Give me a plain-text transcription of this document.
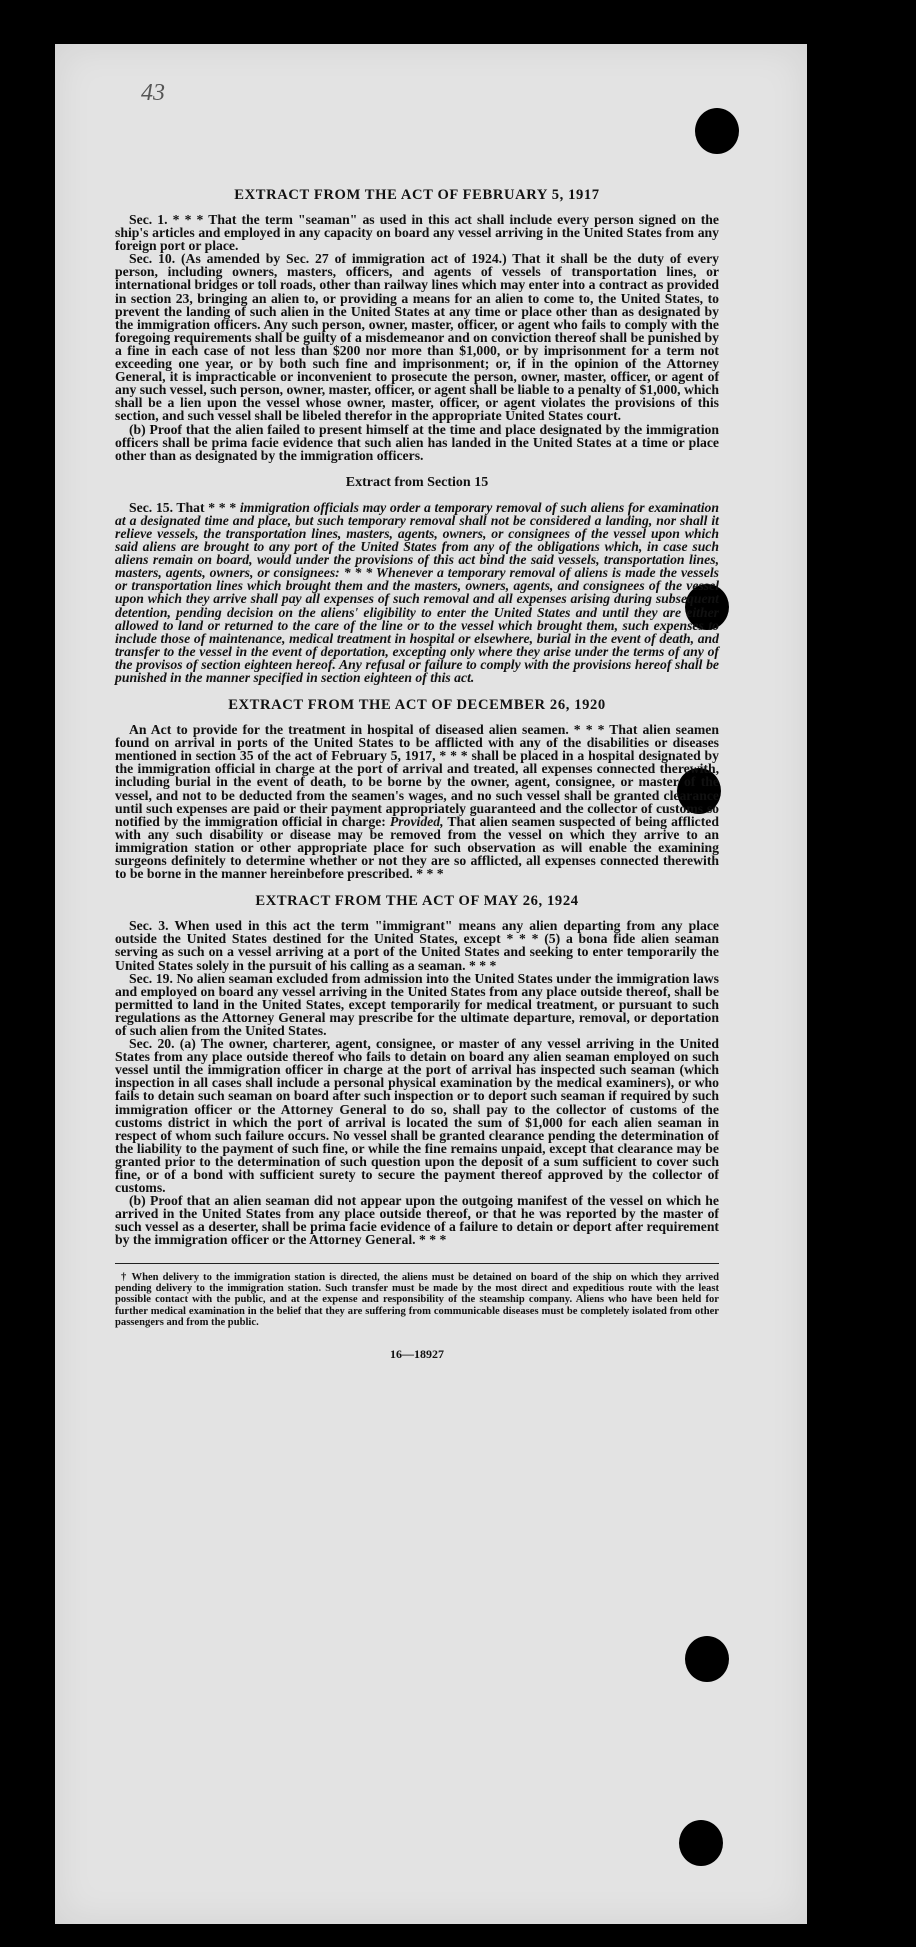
43

EXTRACT FROM THE ACT OF FEBRUARY 5, 1917

Sec. 1. * * * That the term "seaman" as used in this act shall include every person signed on the ship's articles and employed in any capacity on board any vessel arriving in the United States from any foreign port or place.

Sec. 10. (As amended by Sec. 27 of immigration act of 1924.) That it shall be the duty of every person, including owners, masters, officers, and agents of vessels of transportation lines, or international bridges or toll roads, other than railway lines which may enter into a contract as provided in section 23, bringing an alien to, or providing a means for an alien to come to, the United States, to prevent the landing of such alien in the United States at any time or place other than as designated by the immigration officers. Any such person, owner, master, officer, or agent who fails to comply with the foregoing requirements shall be guilty of a misdemeanor and on conviction thereof shall be punished by a fine in each case of not less than $200 nor more than $1,000, or by imprisonment for a term not exceeding one year, or by both such fine and imprisonment; or, if in the opinion of the Attorney General, it is impracticable or inconvenient to prosecute the person, owner, master, officer, or agent of any such vessel, such person, owner, master, officer, or agent shall be liable to a penalty of $1,000, which shall be a lien upon the vessel whose owner, master, officer, or agent violates the provisions of this section, and such vessel shall be libeled therefor in the appropriate United States court.

(b) Proof that the alien failed to present himself at the time and place designated by the immigration officers shall be prima facie evidence that such alien has landed in the United States at a time or place other than as designated by the immigration officers.

Extract from Section 15

Sec. 15. That * * * immigration officials may order a temporary removal of such aliens for examination at a designated time and place, but such temporary removal shall not be considered a landing, nor shall it relieve vessels, the transportation lines, masters, agents, owners, or consignees of the vessel upon which said aliens are brought to any port of the United States from any of the obligations which, in case such aliens remain on board, would under the provisions of this act bind the said vessels, transportation lines, masters, agents, owners, or consignees: * * * Whenever a temporary removal of aliens is made the vessels or transportation lines which brought them and the masters, owners, agents, and consignees of the vessel upon which they arrive shall pay all expenses of such removal and all expenses arising during subsequent detention, pending decision on the aliens' eligibility to enter the United States and until they are either allowed to land or returned to the care of the line or to the vessel which brought them, such expenses to include those of maintenance, medical treatment in hospital or elsewhere, burial in the event of death, and transfer to the vessel in the event of deportation, excepting only where they arise under the terms of any of the provisos of section eighteen hereof. Any refusal or failure to comply with the provisions hereof shall be punished in the manner specified in section eighteen of this act.

EXTRACT FROM THE ACT OF DECEMBER 26, 1920

An Act to provide for the treatment in hospital of diseased alien seamen. * * * That alien seamen found on arrival in ports of the United States to be afflicted with any of the disabilities or diseases mentioned in section 35 of the act of February 5, 1917, * * * shall be placed in a hospital designated by the immigration official in charge at the port of arrival and treated, all expenses connected therewith, including burial in the event of death, to be borne by the owner, agent, consignee, or master of the vessel, and not to be deducted from the seamen's wages, and no such vessel shall be granted clearance until such expenses are paid or their payment appropriately guaranteed and the collector of customs so notified by the immigration official in charge: Provided, That alien seamen suspected of being afflicted with any such disability or disease may be removed from the vessel on which they arrive to an immigration station or other appropriate place for such observation as will enable the examining surgeons definitely to determine whether or not they are so afflicted, all expenses connected therewith to be borne in the manner hereinbefore prescribed. * * *

EXTRACT FROM THE ACT OF MAY 26, 1924

Sec. 3. When used in this act the term "immigrant" means any alien departing from any place outside the United States destined for the United States, except * * * (5) a bona fide alien seaman serving as such on a vessel arriving at a port of the United States and seeking to enter temporarily the United States solely in the pursuit of his calling as a seaman. * * *

Sec. 19. No alien seaman excluded from admission into the United States under the immigration laws and employed on board any vessel arriving in the United States from any place outside thereof, shall be permitted to land in the United States, except temporarily for medical treatment, or pursuant to such regulations as the Attorney General may prescribe for the ultimate departure, removal, or deportation of such alien from the United States.

Sec. 20. (a) The owner, charterer, agent, consignee, or master of any vessel arriving in the United States from any place outside thereof who fails to detain on board any alien seaman employed on such vessel until the immigration officer in charge at the port of arrival has inspected such seaman (which inspection in all cases shall include a personal physical examination by the medical examiners), or who fails to detain such seaman on board after such inspection or to deport such seaman if required by such immigration officer or the Attorney General to do so, shall pay to the collector of customs of the customs district in which the port of arrival is located the sum of $1,000 for each alien seaman in respect of whom such failure occurs. No vessel shall be granted clearance pending the determination of the liability to the payment of such fine, or while the fine remains unpaid, except that clearance may be granted prior to the determination of such question upon the deposit of a sum sufficient to cover such fine, or of a bond with sufficient surety to secure the payment thereof approved by the collector of customs.

(b) Proof that an alien seaman did not appear upon the outgoing manifest of the vessel on which he arrived in the United States from any place outside thereof, or that he was reported by the master of such vessel as a deserter, shall be prima facie evidence of a failure to detain or deport after requirement by the immigration officer or the Attorney General. * * *

† When delivery to the immigration station is directed, the aliens must be detained on board of the ship on which they arrived pending delivery to the immigration station. Such transfer must be made by the most direct and expeditious route with the least possible contact with the public, and at the expense and responsibility of the steamship company. Aliens who have been held for further medical examination in the belief that they are suffering from communicable diseases must be completely isolated from other passengers and from the public.

16—18927
